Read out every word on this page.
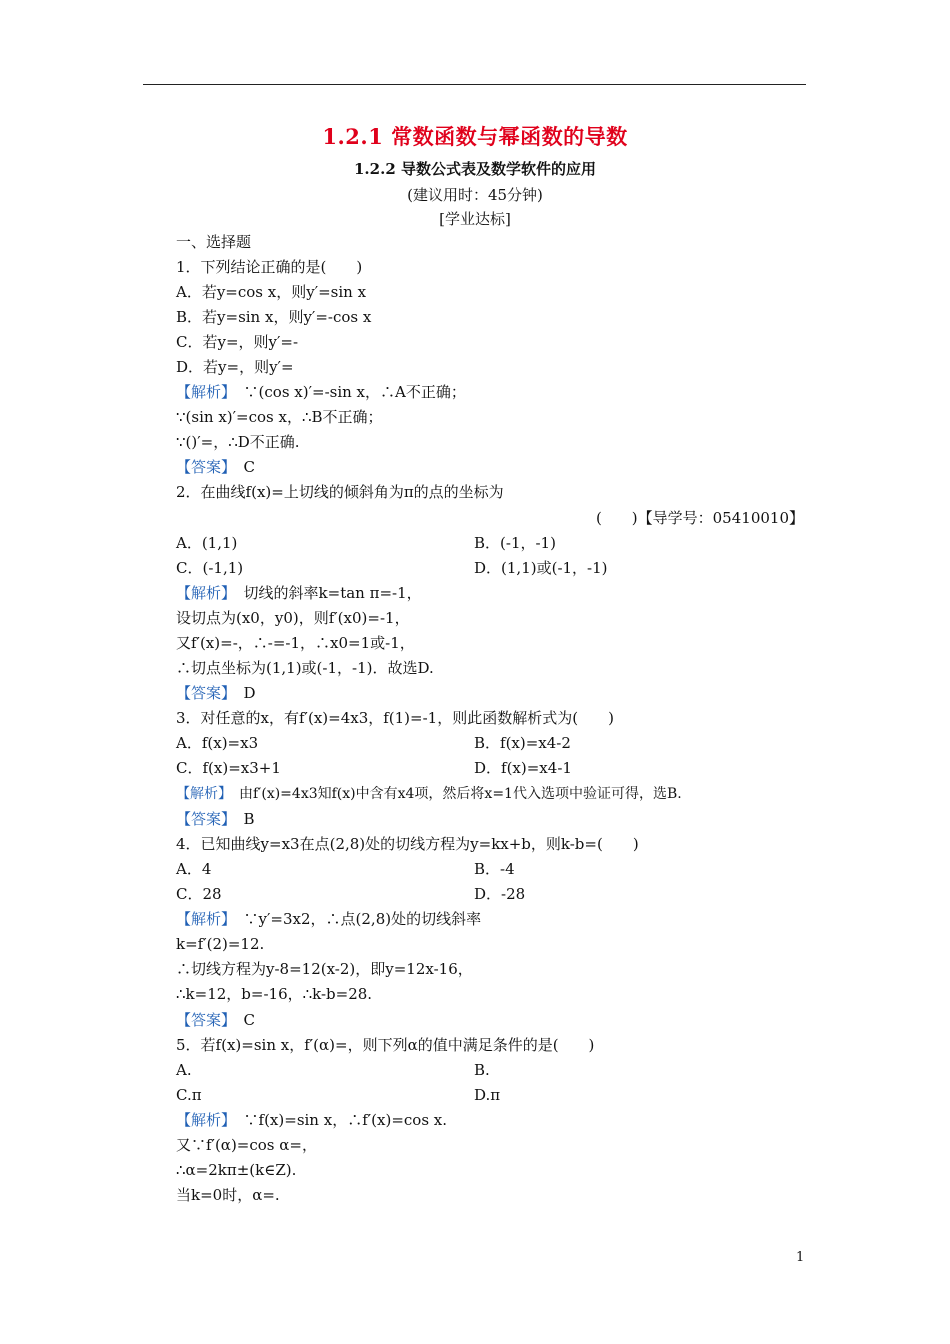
1.2.1 常数函数与幂函数的导数
1.2.2 导数公式表及数学软件的应用
(建议用时：45分钟)
[学业达标]
一、选择题
1．下列结论正确的是(　　)
A．若y=cos x，则y′=sin x
B．若y=sin x，则y′=-cos x
C．若y=，则y′=-
D．若y=，则y′=
【解析】　 ∵(cos x)′=-sin x，∴A不正确；
∵(sin x)′=cos x，∴B不正确；
∵()′=，∴D不正确.
【答案】　 C
2．在曲线f(x)=上切线的倾斜角为π的点的坐标为
(　　)【导学号：05410010】
A．(1,1)	B．(-1，-1)
C．(-1,1)	D．(1,1)或(-1，-1)
【解析】　 切线的斜率k=tan π=-1，
设切点为(x0，y0)，则f′(x0)=-1，
又f′(x)=-，∴-=-1，∴x0=1或-1，
∴切点坐标为(1,1)或(-1，-1)．故选D.
【答案】　 D
3．对任意的x，有f′(x)=4x3，f(1)=-1，则此函数解析式为(　　)
A．f(x)=x3	B．f(x)=x4-2
C．f(x)=x3+1	D．f(x)=x4-1
【解析】　 由f′(x)=4x3知f(x)中含有x4项，然后将x=1代入选项中验证可得，选B.
【答案】　 B
4．已知曲线y=x3在点(2,8)处的切线方程为y=kx+b，则k-b=(　　)
A．4	B．-4
C．28	D．-28
【解析】　 ∵y′=3x2，∴点(2,8)处的切线斜率
k=f′(2)=12.
∴切线方程为y-8=12(x-2)，即y=12x-16，
∴k=12，b=-16，∴k-b=28.
【答案】　 C
5．若f(x)=sin x，f′(α)=，则下列α的值中满足条件的是(　　)
A.	B.
C.π	D.π
【解析】　 ∵f(x)=sin x，∴f′(x)=cos x.
又∵f′(α)=cos α=，
∴α=2kπ±(k∈Z).
当k=0时，α=.
1
